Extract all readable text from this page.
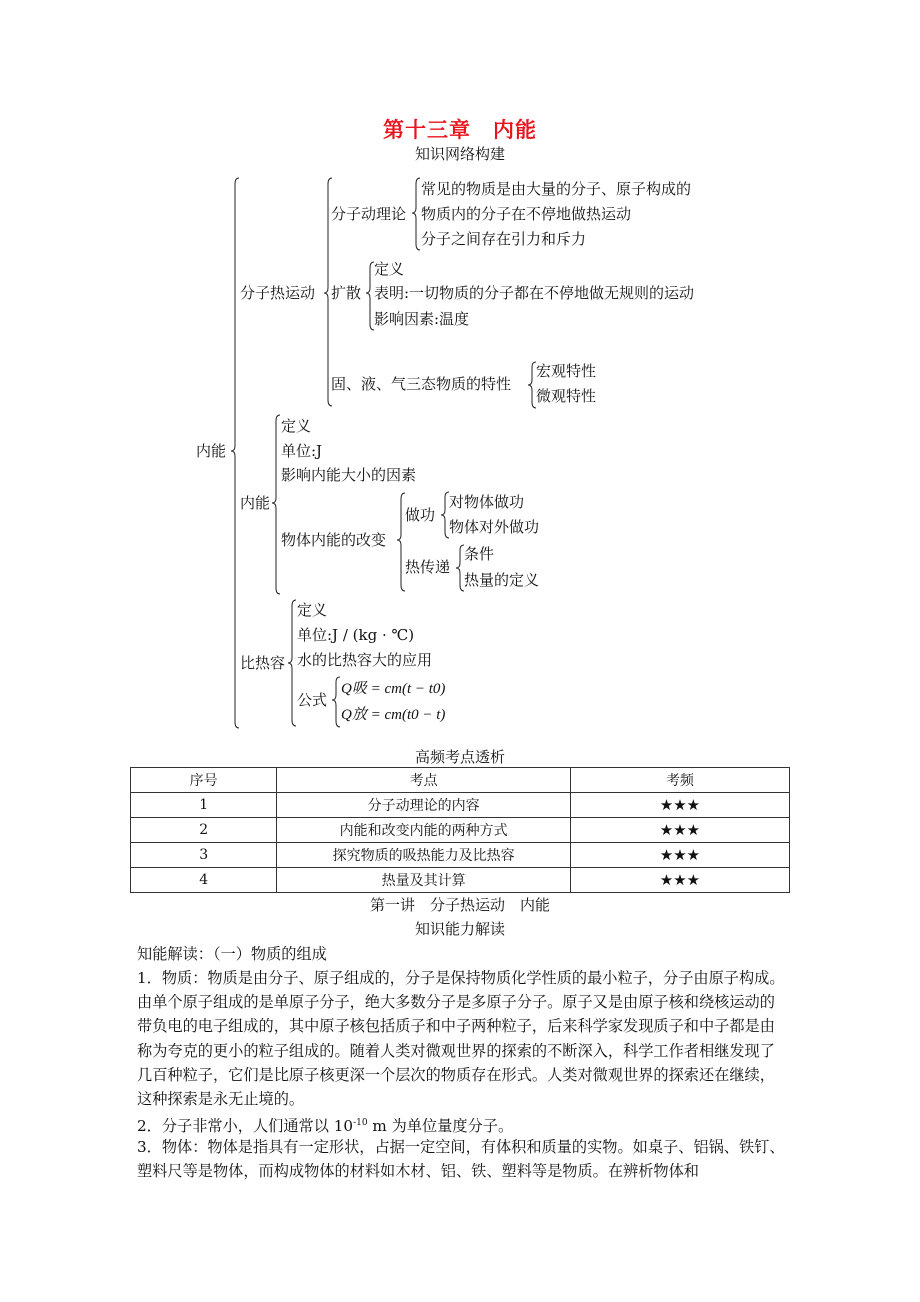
第十三章　内能
知识网络构建
内能
分子热运动
分子动理论
常见的物质是由大量的分子、原子构成的
物质内的分子在不停地做热运动
分子之间存在引力和斥力
扩散
定义
表明:一切物质的分子都在不停地做无规则的运动
影响因素:温度
固、液、气三态物质的特性
宏观特性
微观特性
内能
定义
单位:J
影响内能大小的因素
物体内能的改变
做功
对物体做功
物体对外做功
热传递
条件
热量的定义
比热容
定义
单位:J / (kg · ℃)
水的比热容大的应用
公式
Q吸 = cm(t − t0)
Q放 = cm(t0 − t)
高频考点透析
序号	考点	考频
1	分子动理论的内容	★★★
2	内能和改变内能的两种方式	★★★
3	探究物质的吸热能力及比热容	★★★
4	热量及其计算	★★★
第一讲　分子热运动　内能
知识能力解读
知能解读：（一）物质的组成
1．物质：物质是由分子、原子组成的，分子是保持物质化学性质的最小粒子，分子由原子构成。由单个原子组成的是单原子分子，绝大多数分子是多原子分子。原子又是由原子核和绕核运动的带负电的电子组成的，其中原子核包括质子和中子两种粒子，后来科学家发现质子和中子都是由称为夸克的更小的粒子组成的。随着人类对微观世界的探索的不断深入，科学工作者相继发现了几百种粒子，它们是比原子核更深一个层次的物质存在形式。人类对微观世界的探索还在继续，这种探索是永无止境的。
2．分子非常小，人们通常以 $10^{-10}$ m 为单位量度分子。
3．物体：物体是指具有一定形状，占据一定空间，有体积和质量的实物。如桌子、铝锅、铁钉、塑料尺等是物体，而构成物体的材料如木材、铝、铁、塑料等是物质。在辨析物体和
